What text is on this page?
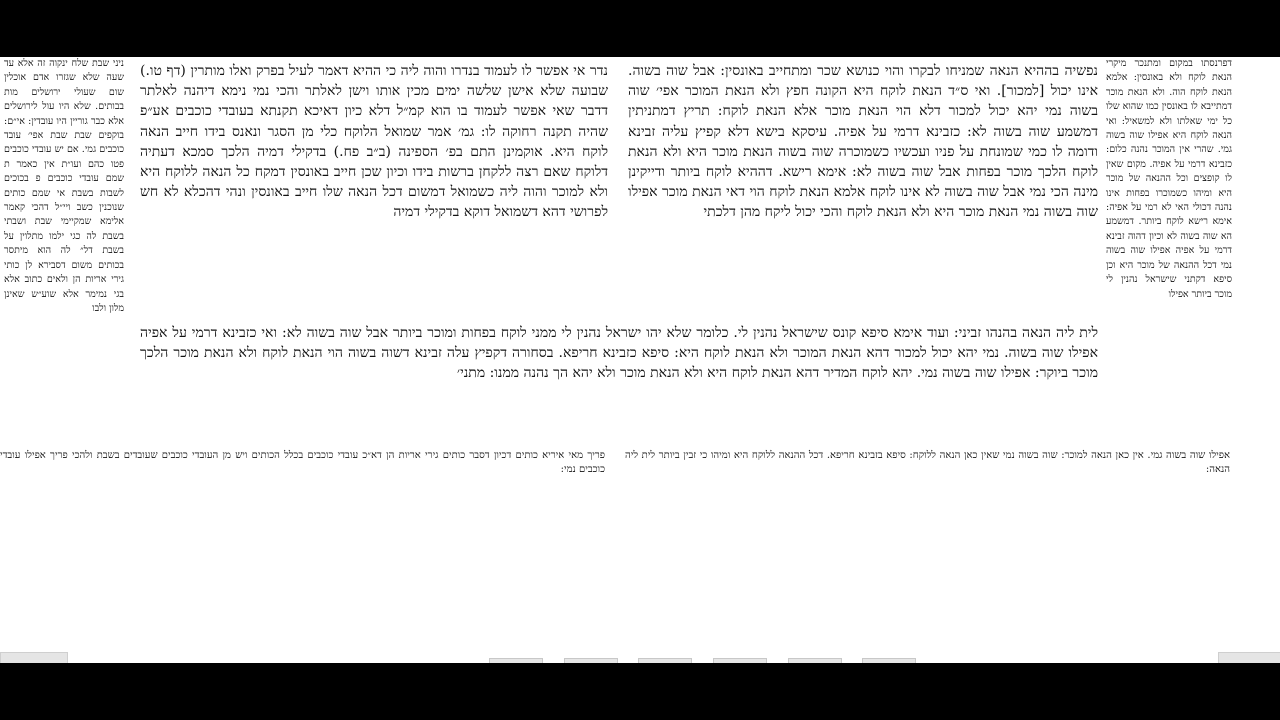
ניני שבת שלח ינקוה זה אלא עד שעה שלא שגזרו אדם אוכלין שום שעולי ירושלים מות בבותים. שלא היו עול לירושלים אלא כבר גוריין היו עובדין: אי״ם: בוקפים שבת שבת אפי׳ עובד כוכבים גמי. אם יש עובדי כוכבים פטו כהם ועו״ת אין כאמר ת שמם עובדי כוכבים פ בכוכים לשבות בשבת אי שמם כותים שנוכנין כשב ויי״ל דהכי קאמר אלימא שמקיימי שבת ושבתי בשבת לה כגי ילמו מתלוין על בשבת דל״ לה הוא מיתסר בכותים משום דסבירא לן כותי גירי אריות הן ולאים כתוב אלא בגי נמימר אלא שוע״ש שאינן מלון ולבו

נפשיה בההיא הנאה שמניחו לבקרו והוי כנושא שכר ומתחייב באונסין: אבל שוה בשוה. אינו יכול [למכור]. ואי ס״ד הנאת לוקח היא הקונה חפץ ולא הנאת המוכר אפי׳ שוה בשוה נמי יהא יכול למכור דלא הוי הנאת מוכר אלא הנאת לוקח: תריץ דמתניתין דמשמע שוה בשוה לא: כזבינא דרמי על אפיה. עיסקא בישא דלא קפיץ עליה זבינא ודומה לו כמי שמונחת על פניו ועכשיו כשמוכרה שוה בשוה הנאת מוכר היא ולא הנאת לוקח הלכך מוכר בפחות אבל שוה בשוה לא: אימא רישא. דההיא לוקח ביותר ודייקינן מינה הכי נמי אבל שוה בשוה לא אינו לוקח אלמא הנאת לוקח הוי דאי הנאת מוכר אפילו שוה בשוה נמי הנאת מוכר היא ולא הנאת לוקח והכי יכול ליקח מהן דלכתי

נדר אי אפשר לו לעמוד בנדרו והוה ליה כי ההיא דאמר לעיל בפרק ואלו מותרין (דף טו.) שבועה שלא אישן שלשה ימים מכין אותו וישן לאלתר והכי נמי נימא דיהנה לאלתר דדבר שאי אפשר לעמוד בו הוא קמ״ל דלא כיון דאיכא תקנתא בעובדי כוכבים אע״פ שהיה תקנה רחוקה לו: גמ׳ אמר שמואל הלוקח כלי מן הסגר ונאנס בידו חייב הנאה לוקח היא. אוקמינן התם בפ׳ הספינה (ב״ב פח.) בדקילי דמיה הלכך סמכא דעתיה דלוקח שאם רצה ללקחן ברשות בידו וכיון שכן חייב באונסין דמקח כל הנאה ללוקח היא ולא למוכר והוה ליה כשמואל דמשום דכל הנאה שלו חייב באונסין ונהי דהכלא לא חש לפרושי דהא דשמואל דוקא בדקילי דמיה

לית ליה הנאה בהנהו זביני: ועוד אימא סיפא קונס שישראל נהנין לי. כלומר שלא יהו ישראל נהנין לי ממני לוקח בפחות ומוכר ביותר אבל שוה בשוה לא: ואי כזבינא דרמי על אפיה אפילו שוה בשוה. נמי יהא יכול למכור דהא הנאת המוכר ולא הנאת לוקח היא: סיפא כזבינא חריפא. בסחורה דקפיץ עלה זבינא דשוה בשוה הוי הנאת לוקח ולא הנאת מוכר הלכך מוכר ביוקר: אפילו שוה בשוה נמי. יהא לוקח המדיר דהא הנאת לוקח היא ולא הנאת מוכר ולא יהא הך נהנה ממנו: מתני׳

דפרנסתו במקום ומתנכר מיקרי הנאת לוקח ולא באונסין: אלמא הנאת לוקח הוה. ולא הנאת מוכר דמתייבא לו באונסין כמו שהוא שלו כל ימי שאלתו ולא למשאיל: ואי הנאה לוקח היא אפילו שוה בשוה גמי. שהרי אין המוכר נהנה כלום: כזבינא דרמי על אפיה. מקום שאין לו קופצים וכל ההנאה של מוכר היא ומיהו כשמוכרו בפחות אינו נהנה דכולי האי לא רמי על אפיה: אימא רישא לוקח ביותר. דמשמע הא שוה בשוה לא וכיון דהוה זבינא דרמי על אפיה אפילו שוה בשוה נמי דכל ההנאה של מוכר היא וכן סיפא דקתני שישראל נהנין לי מוכר ביותר אפילו

פריך מאי איריא כותים דכיון דסבר כותים גירי אריות הן דא״כ עובדי כוכבים בכלל הכותים ויש מן העובדי כוכבים שעובדים בשבת ולהכי פריך אפילו עובדי כוכבים נמי:
אפילו שוה בשוה גמי. אין כאן הנאה למוכר: שוה בשוה נמי שאין כאן הנאה ללוקח: סיפא בזבינא חריפא. דכל ההנאה ללוקח היא ומיהו כי זבין ביותר לית ליה הנאה:
